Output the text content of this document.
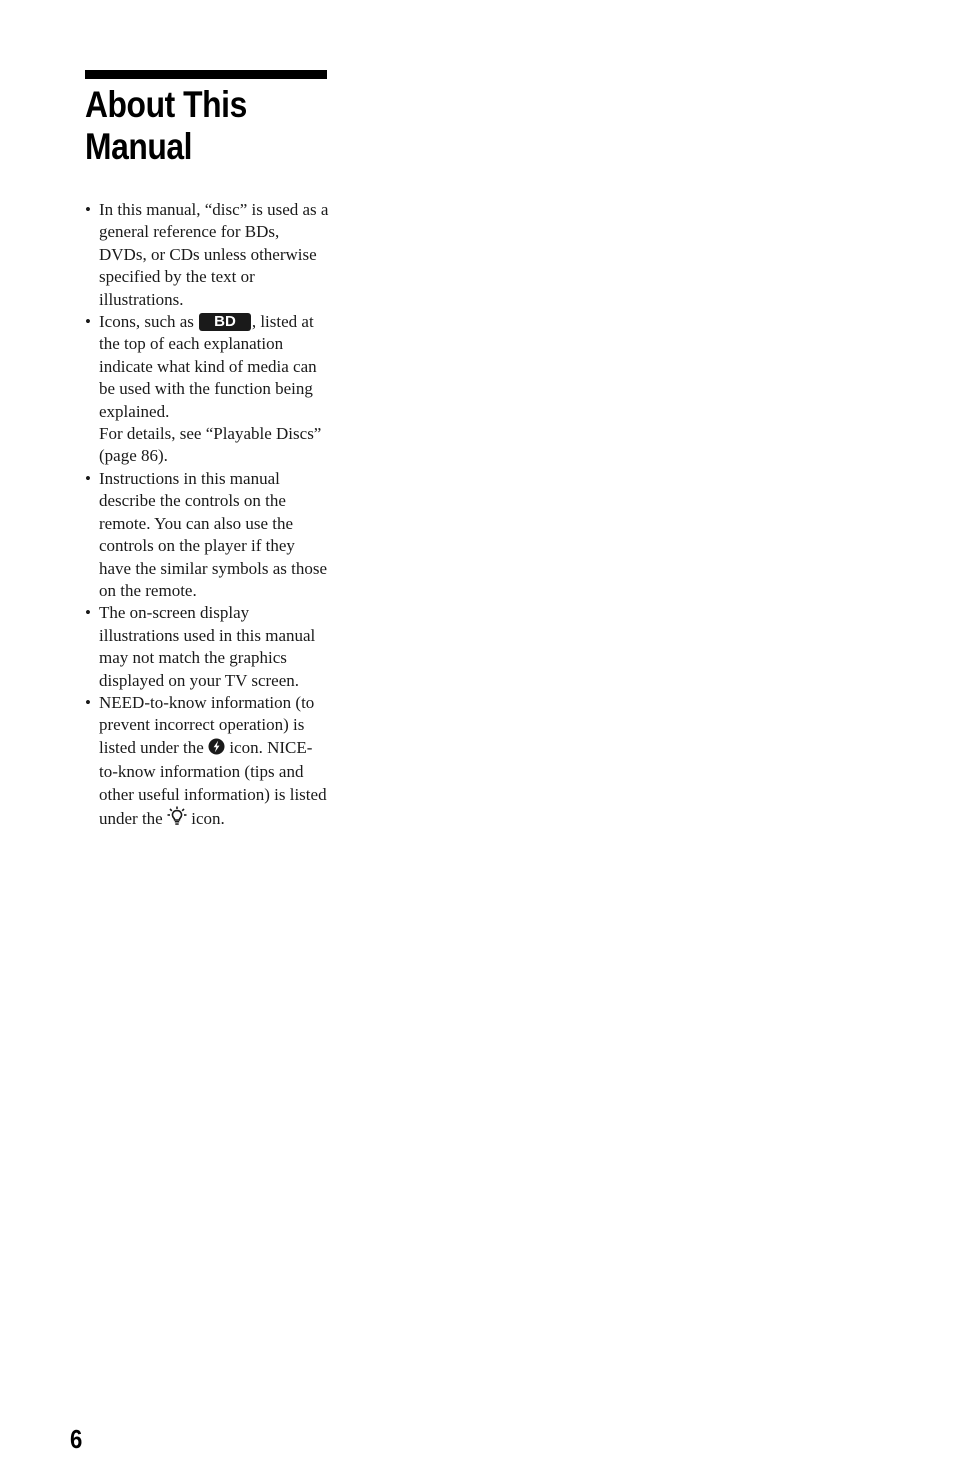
About This Manual
• In this manual, “disc” is used as a general reference for BDs, DVDs, or CDs unless otherwise specified by the text or illustrations.
• Icons, such as BD , listed at the top of each explanation indicate what kind of media can be used with the function being explained.
For details, see “Playable Discs” (page 86).
• Instructions in this manual describe the controls on the remote. You can also use the controls on the player if they have the similar symbols as those on the remote.
• The on-screen display illustrations used in this manual may not match the graphics displayed on your TV screen.
• NEED-to-know information (to prevent incorrect operation) is listed under the  icon. NICE-to-know information (tips and other useful information) is listed under the  icon.
6
